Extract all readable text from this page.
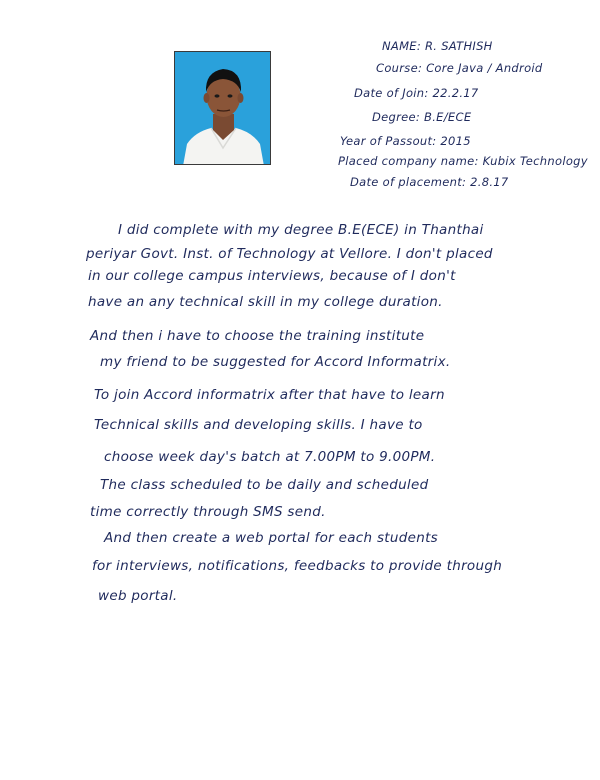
NAME: R. SATHISH
Course: Core Java / Android
Date of Join: 22.2.17
Degree: B.E/ECE
Year of Passout: 2015
Placed company name: Kubix Technology
Date of placement: 2.8.17
I did complete with my degree B.E(ECE) in Thanthai
periyar Govt. Inst. of Technology at Vellore. I don't placed
in our college campus interviews, because of I don't
have an any technical skill in my college duration.
And then i have to choose the training institute
my friend to be suggested for Accord Informatrix.
To join Accord informatrix after that have to learn
Technical skills and developing skills. I have to
choose week day's batch at 7.00PM to 9.00PM.
The class scheduled to be daily and scheduled
time correctly through SMS send.
And then create a web portal for each students
for interviews, notifications, feedbacks to provide through
web portal.
